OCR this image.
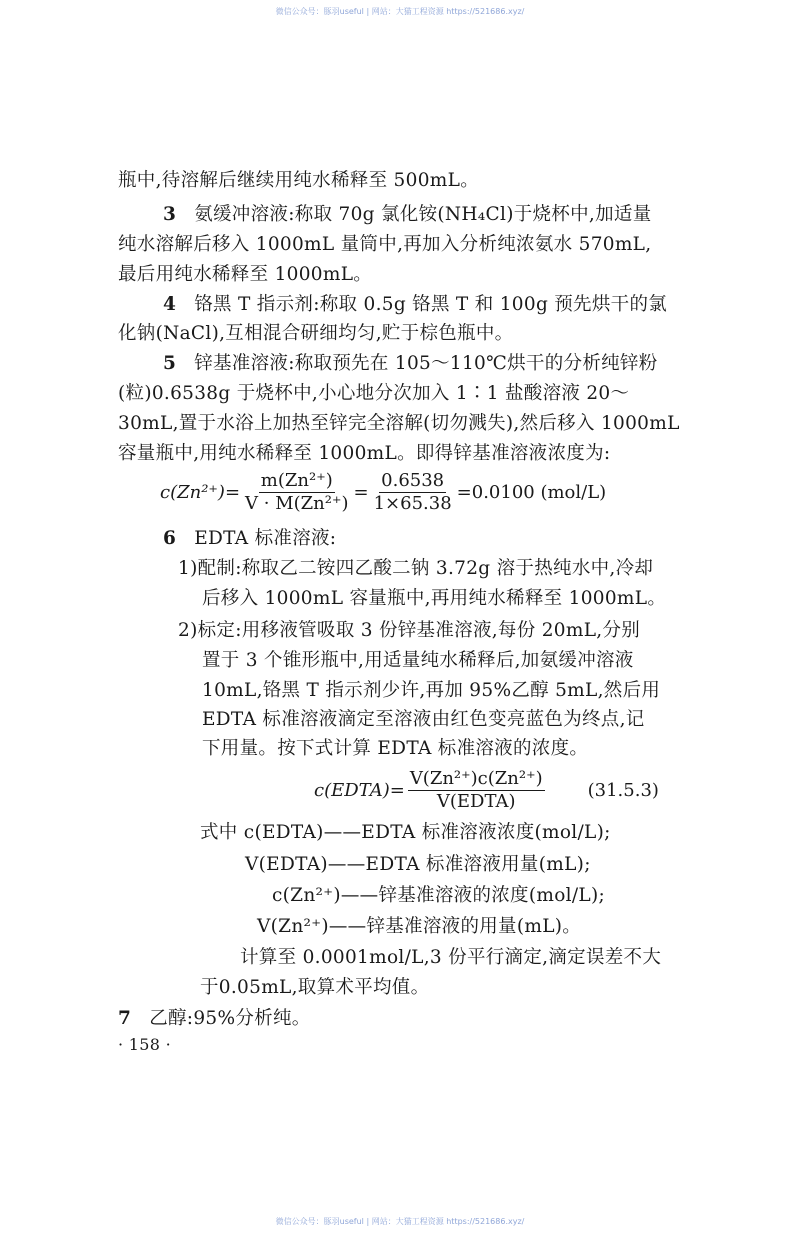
微信公众号：豚羽useful | 网站：大猫工程资源 https://521686.xyz/
瓶中,待溶解后继续用纯水稀释至 500mL。
3 氨缓冲溶液:称取 70g 氯化铵(NH₄Cl)于烧杯中,加适量
纯水溶解后移入 1000mL 量筒中,再加入分析纯浓氨水 570mL,
最后用纯水稀释至 1000mL。
4 铬黑 T 指示剂:称取 0.5g 铬黑 T 和 100g 预先烘干的氯
化钠(NaCl),互相混合研细均匀,贮于棕色瓶中。
5 锌基准溶液:称取预先在 105～110℃烘干的分析纯锌粉
(粒)0.6538g 于烧杯中,小心地分次加入 1∶1 盐酸溶液 20～
30mL,置于水浴上加热至锌完全溶解(切勿溅失),然后移入 1000mL
容量瓶中,用纯水稀释至 1000mL。即得锌基准溶液浓度为:
$c(Zn^{2+})= \frac{\text{m(Zn²⁺)}}{\text{V · M(Zn²⁺)}} = \frac{0.6538}{1\times 65.38} =0.0100$ (mol/L)
6 EDTA 标准溶液:
1)配制:称取乙二铵四乙酸二钠 3.72g 溶于热纯水中,冷却
后移入 1000mL 容量瓶中,再用纯水稀释至 1000mL。
2)标定:用移液管吸取 3 份锌基准溶液,每份 20mL,分别
置于 3 个锥形瓶中,用适量纯水稀释后,加氨缓冲溶液
10mL,铬黑 T 指示剂少许,再加 95%乙醇 5mL,然后用
EDTA 标准溶液滴定至溶液由红色变亮蓝色为终点,记
下用量。按下式计算 EDTA 标准溶液的浓度。
c(EDTA)= $\frac{\text{V(Zn²⁺)c(Zn²⁺)}}{\text{V(EDTA)}} (31.5.3)$
式中 c(EDTA)——EDTA 标准溶液浓度(mol/L);
V(EDTA)——EDTA 标准溶液用量(mL);
c(Zn²⁺)——锌基准溶液的浓度(mol/L);
V(Zn²⁺)——锌基准溶液的用量(mL)。
计算至 0.0001mol/L,3 份平行滴定,滴定误差不大
于0.05mL,取算术平均值。
7 乙醇:95%分析纯。
· 158 ·
微信公众号：豚羽useful | 网站：大猫工程资源 https://521686.xyz/
